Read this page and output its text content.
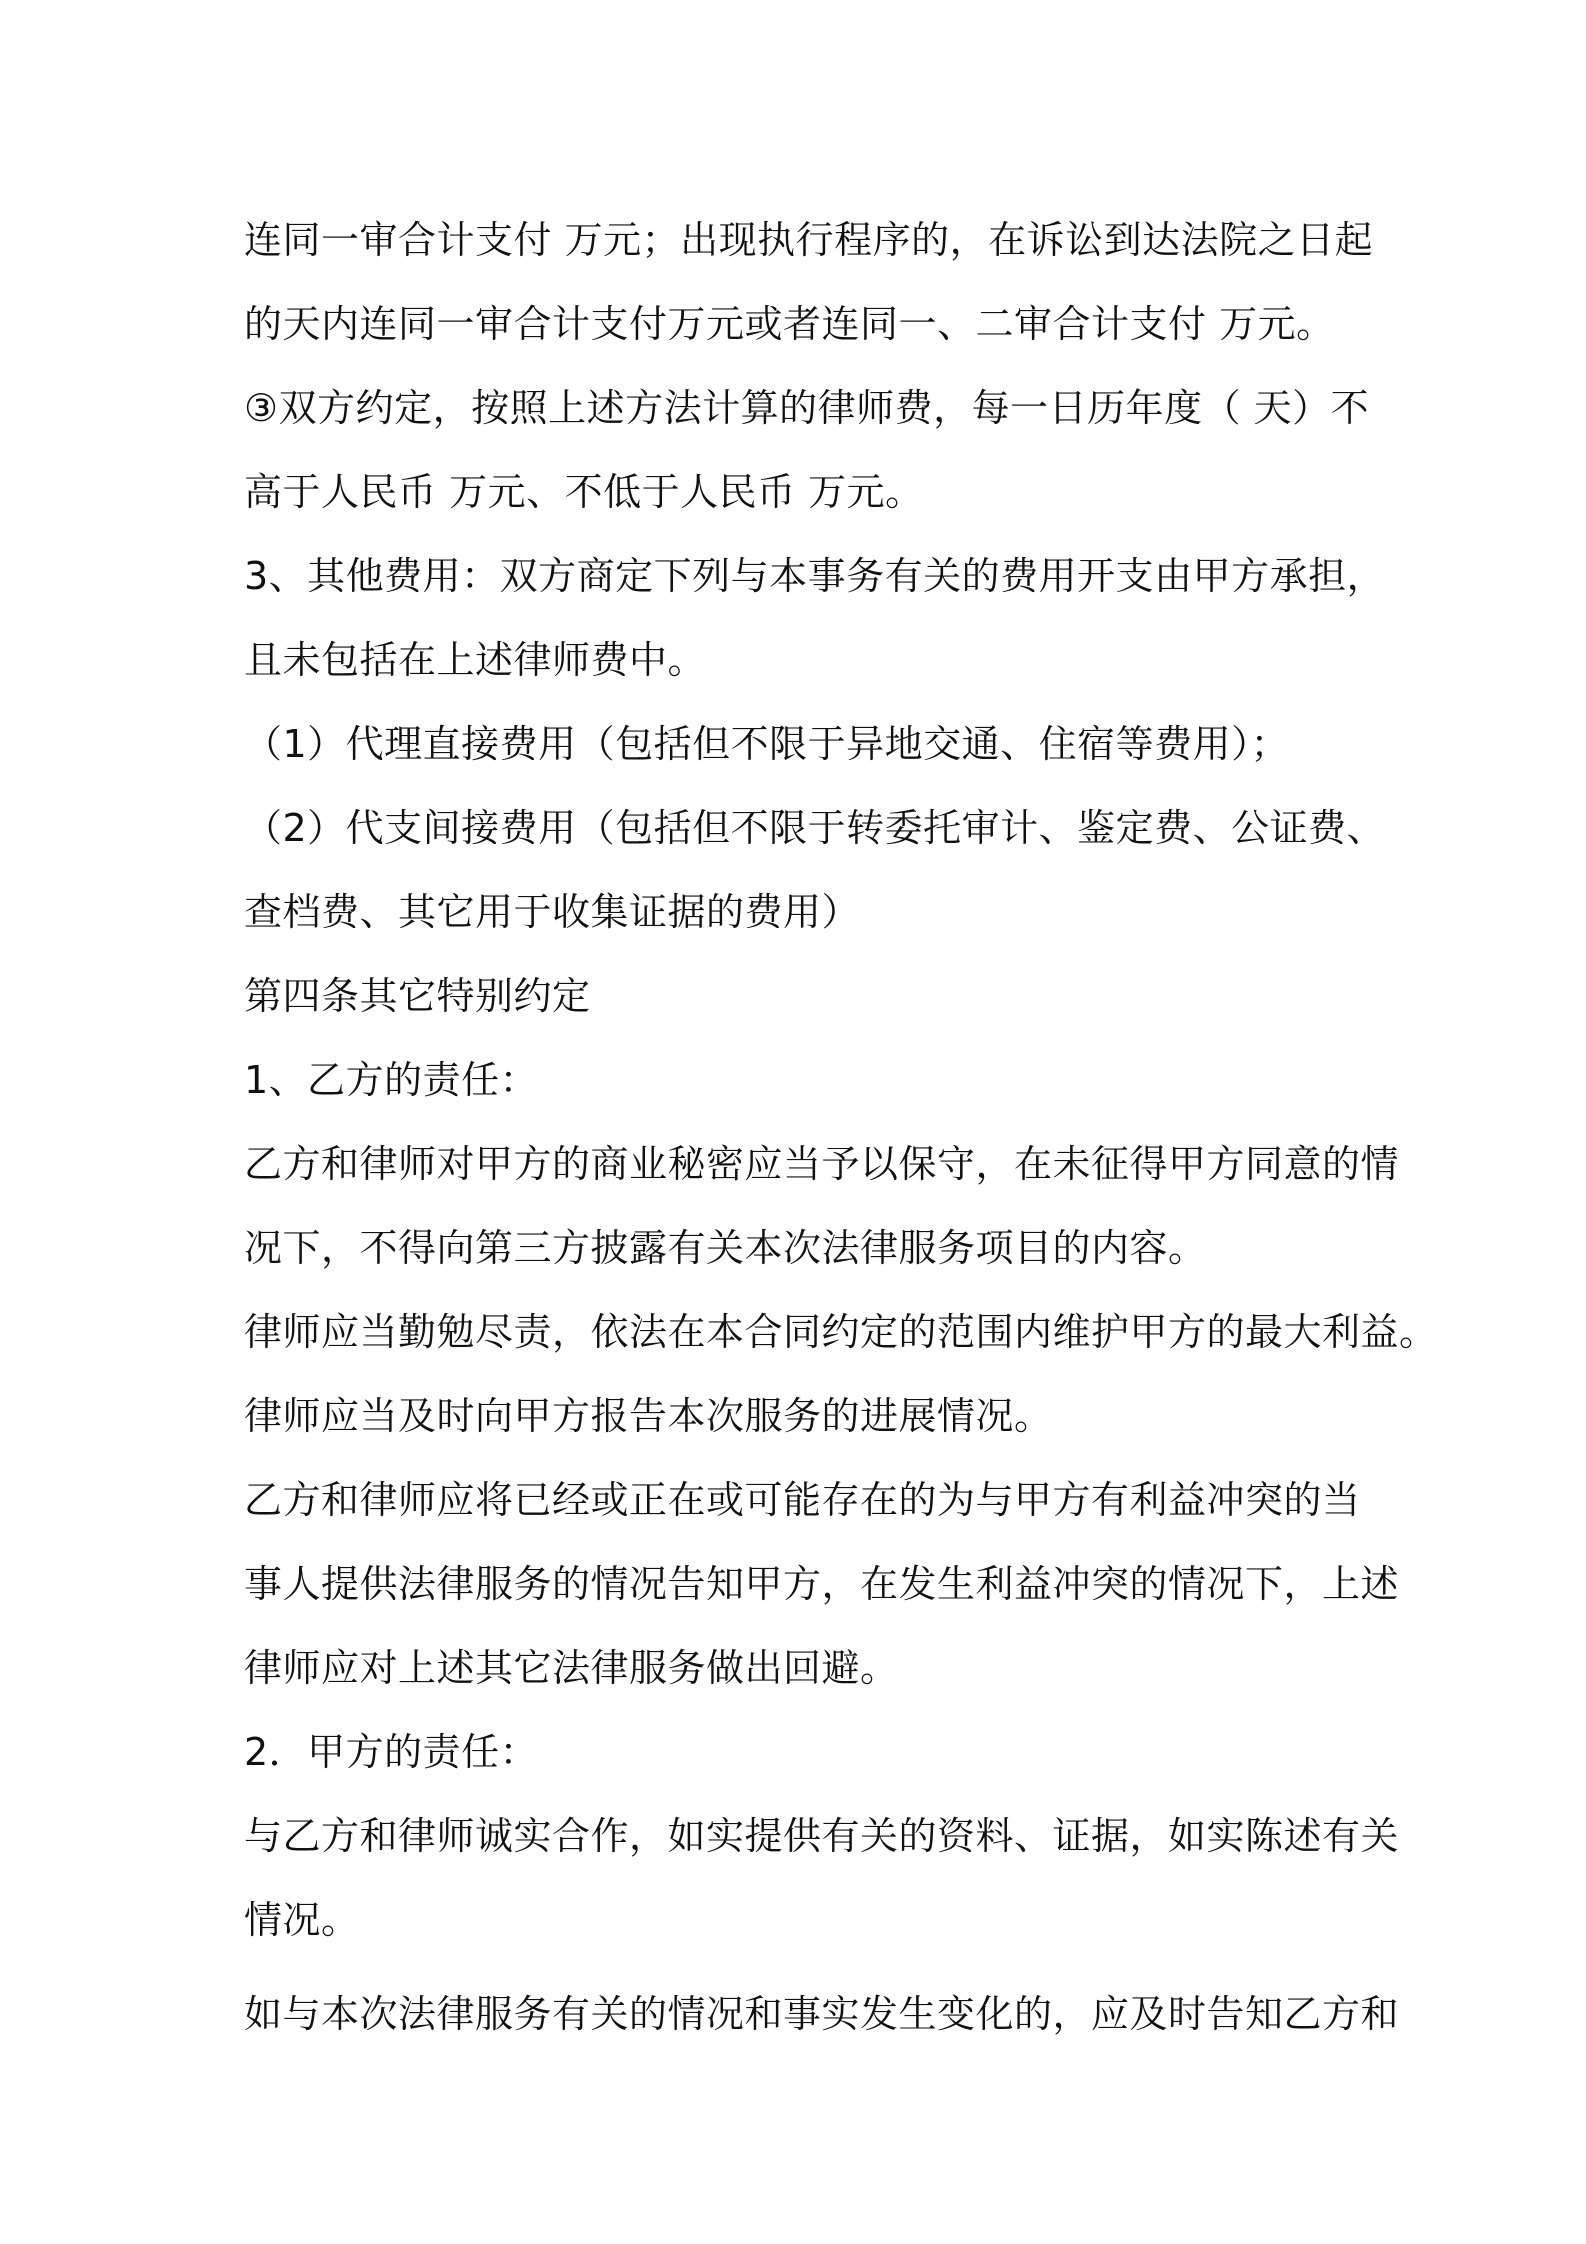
连同一审合计支付 万元；出现执行程序的，在诉讼到达法院之日起
的天内连同一审合计支付万元或者连同一、二审合计支付 万元。
③双方约定，按照上述方法计算的律师费，每一日历年度（ 天）不
高于人民币 万元、不低于人民币 万元。
3、其他费用：双方商定下列与本事务有关的费用开支由甲方承担，
且未包括在上述律师费中。
（1）代理直接费用（包括但不限于异地交通、住宿等费用）；
（2）代支间接费用（包括但不限于转委托审计、鉴定费、公证费、
查档费、其它用于收集证据的费用）
第四条其它特别约定
1、乙方的责任：
乙方和律师对甲方的商业秘密应当予以保守，在未征得甲方同意的情
况下，不得向第三方披露有关本次法律服务项目的内容。
律师应当勤勉尽责，依法在本合同约定的范围内维护甲方的最大利益。
律师应当及时向甲方报告本次服务的进展情况。
乙方和律师应将已经或正在或可能存在的为与甲方有利益冲突的当
事人提供法律服务的情况告知甲方，在发生利益冲突的情况下，上述
律师应对上述其它法律服务做出回避。
2．甲方的责任：
与乙方和律师诚实合作，如实提供有关的资料、证据，如实陈述有关
情况。
如与本次法律服务有关的情况和事实发生变化的，应及时告知乙方和
